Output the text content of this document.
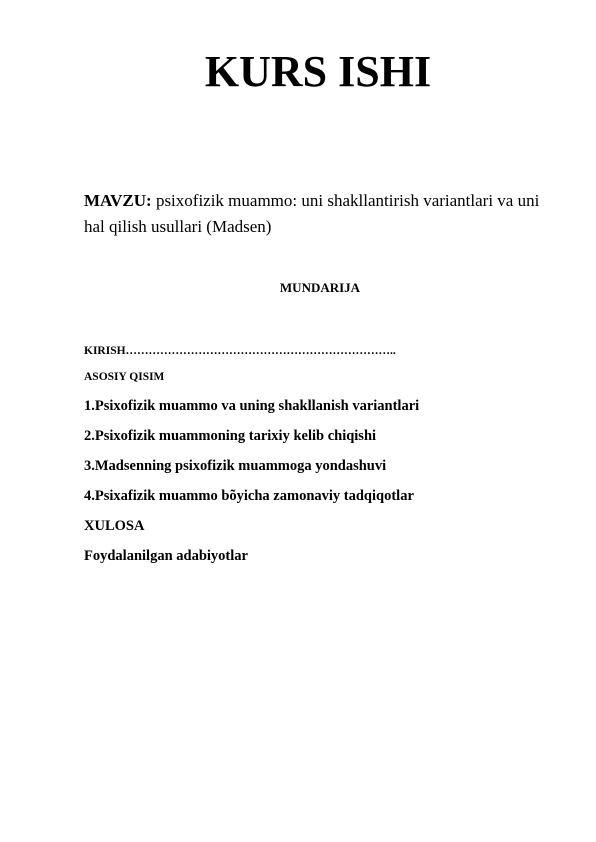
KURS ISHI
MAVZU: psixofizik muammo: uni shakllantirish variantlari va uni hal qilish usullari (Madsen)
MUNDARIJA
KIRISH……………………………………………………………..
ASOSIY QISIM
1.Psixofizik muammo va uning shakllanish variantlari
2.Psixofizik muammoning tarixiy kelib chiqishi
3.Madsenning psixofizik muammoga yondashuvi
4.Psixafizik muammo bõyicha zamonaviy tadqiqotlar
XULOSA
Foydalanilgan adabiyotlar
